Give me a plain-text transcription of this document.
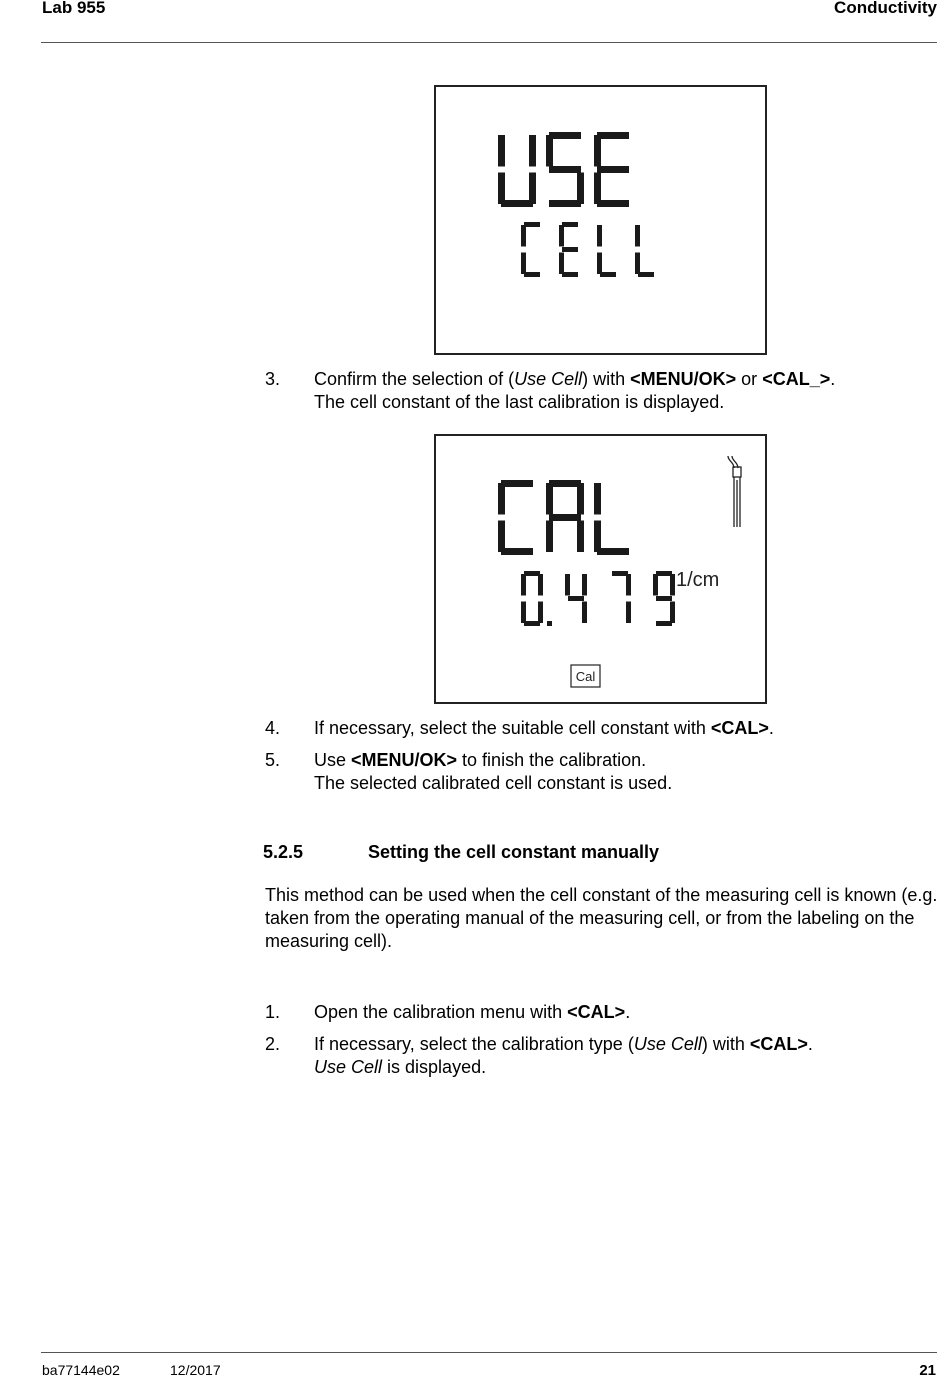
Lab 955	Conductivity
3. Confirm the selection of (Use Cell) with <MENU/OK> or <CAL_>.
The cell constant of the last calibration is displayed.
1/cm
Cal
4. If necessary, select the suitable cell constant with <CAL>.
5. Use <MENU/OK> to finish the calibration.
The selected calibrated cell constant is used.
5.2.5	Setting the cell constant manually
This method can be used when the cell constant of the measuring cell is known (e.g. taken from the operating manual of the measuring cell, or from the labeling on the measuring cell).
1. Open the calibration menu with <CAL>.
2. If necessary, select the calibration type (Use Cell) with <CAL>.
Use Cell is displayed.
ba77144e02	12/2017	21
